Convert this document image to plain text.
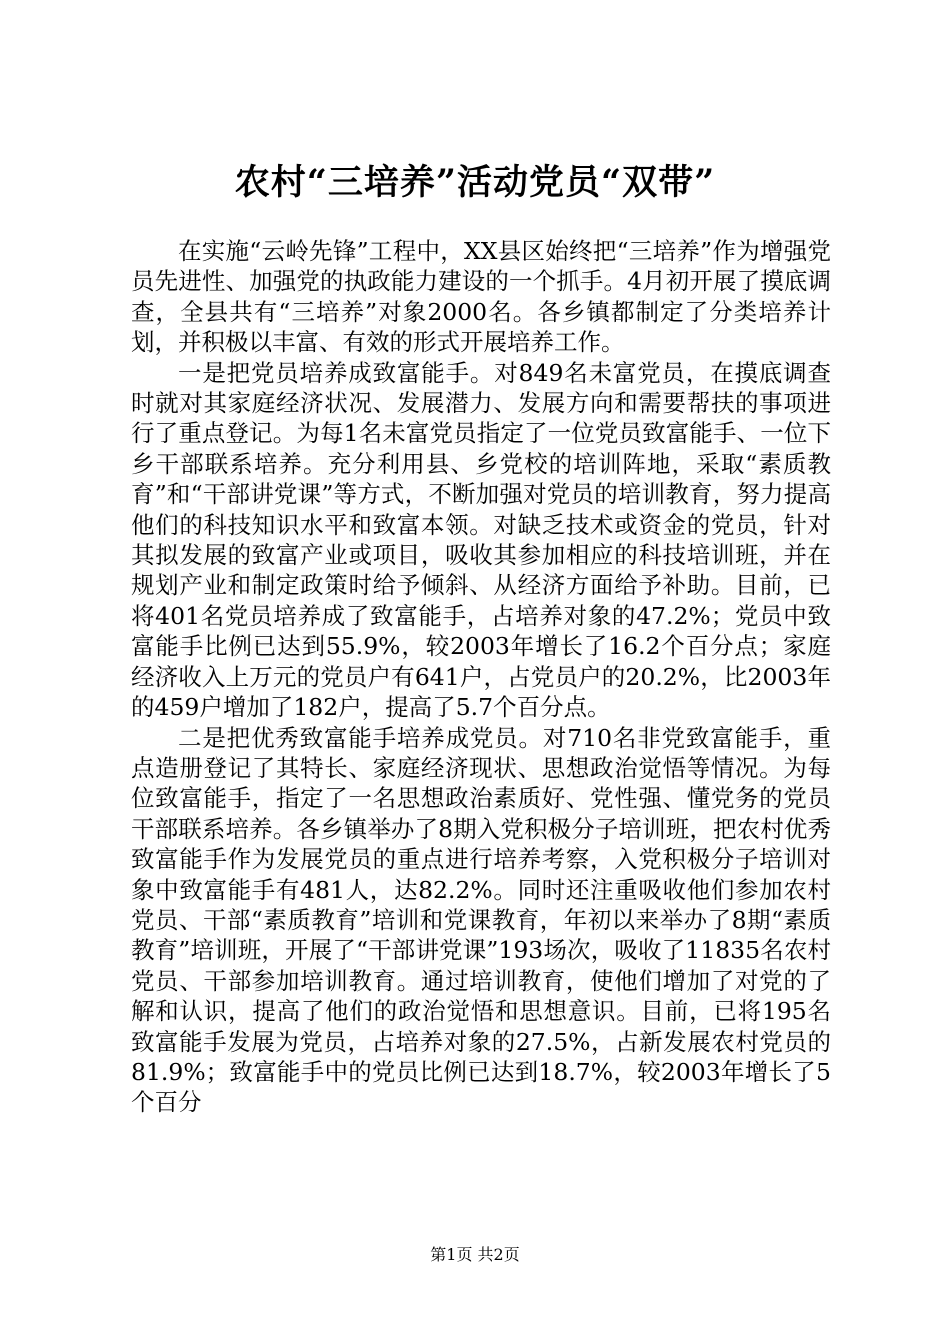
农村“三培养”活动党员“双带”

在实施“云岭先锋”工程中，XX县区始终把“三培养”作为增强党员先进性、加强党的执政能力建设的一个抓手。4月初开展了摸底调查，全县共有“三培养”对象2000名。各乡镇都制定了分类培养计划，并积极以丰富、有效的形式开展培养工作。

一是把党员培养成致富能手。对849名未富党员，在摸底调查时就对其家庭经济状况、发展潜力、发展方向和需要帮扶的事项进行了重点登记。为每1名未富党员指定了一位党员致富能手、一位下乡干部联系培养。充分利用县、乡党校的培训阵地，采取“素质教育”和“干部讲党课”等方式，不断加强对党员的培训教育，努力提高他们的科技知识水平和致富本领。对缺乏技术或资金的党员，针对其拟发展的致富产业或项目，吸收其参加相应的科技培训班，并在规划产业和制定政策时给予倾斜、从经济方面给予补助。目前，已将401名党员培养成了致富能手，占培养对象的47.2%；党员中致富能手比例已达到55.9%，较2003年增长了16.2个百分点；家庭经济收入上万元的党员户有641户，占党员户的20.2%，比2003年的459户增加了182户，提高了5.7个百分点。

二是把优秀致富能手培养成党员。对710名非党致富能手，重点造册登记了其特长、家庭经济现状、思想政治觉悟等情况。为每位致富能手，指定了一名思想政治素质好、党性强、懂党务的党员干部联系培养。各乡镇举办了8期入党积极分子培训班，把农村优秀致富能手作为发展党员的重点进行培养考察，入党积极分子培训对象中致富能手有481人，达82.2%。同时还注重吸收他们参加农村党员、干部“素质教育”培训和党课教育，年初以来举办了8期“素质教育”培训班，开展了“干部讲党课”193场次，吸收了11835名农村党员、干部参加培训教育。通过培训教育，使他们增加了对党的了解和认识，提高了他们的政治觉悟和思想意识。目前，已将195名致富能手发展为党员，占培养对象的27.5%，占新发展农村党员的81.9%；致富能手中的党员比例已达到18.7%，较2003年增长了5个百分

第1页 共2页
